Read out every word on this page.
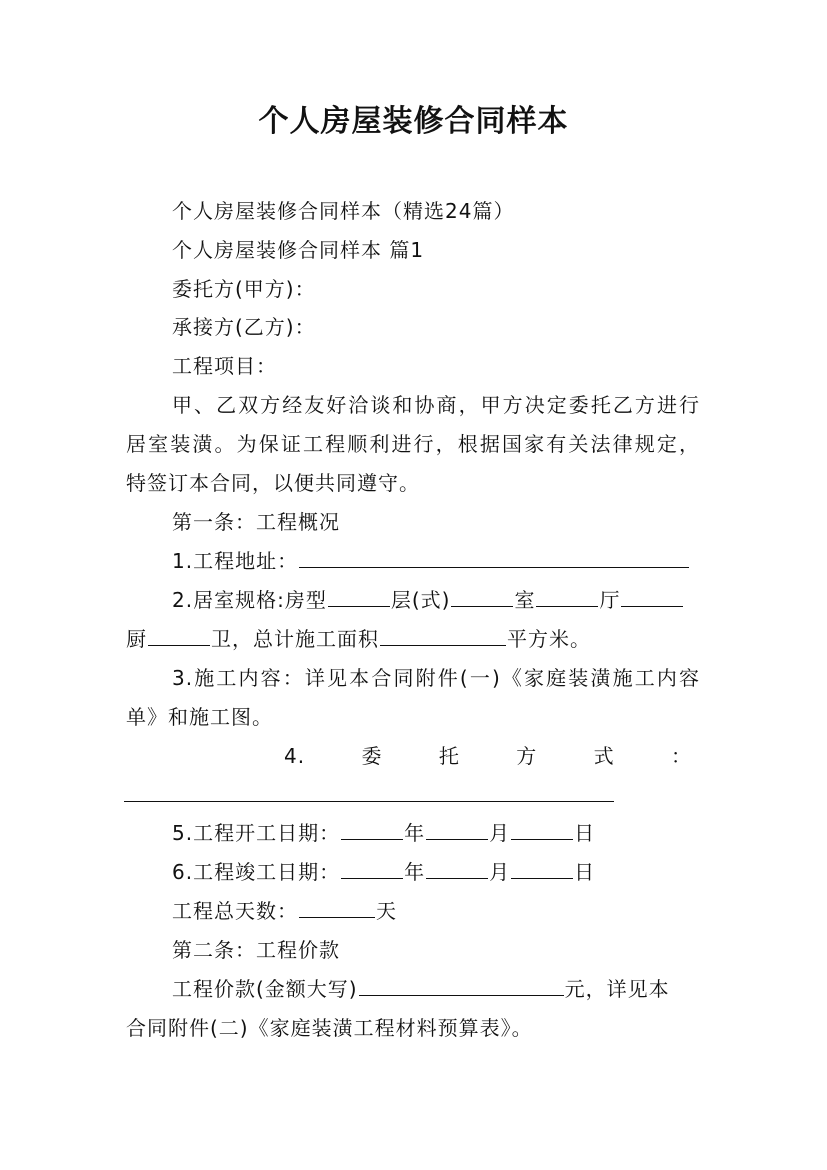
个人房屋装修合同样本
个人房屋装修合同样本（精选24篇）
个人房屋装修合同样本 篇1
委托方(甲方)：
承接方(乙方)：
工程项目：
甲、乙双方经友好洽谈和协商，甲方决定委托乙方进行
居室装潢。为保证工程顺利进行，根据国家有关法律规定，
特签订本合同，以便共同遵守。
第一条：工程概况
1.工程地址：
2.居室规格:房型	层(式)	室	厅
厨	卫，总计施工面积	平方米。
3.施工内容：详见本合同附件(一)《家庭装潢施工内容
单》和施工图。
4.	委	托	方	式	：
5.工程开工日期：	年	月	日
6.工程竣工日期：	年	月	日
工程总天数：	天
第二条：工程价款
工程价款(金额大写)	元，详见本
合同附件(二)《家庭装潢工程材料预算表》。
